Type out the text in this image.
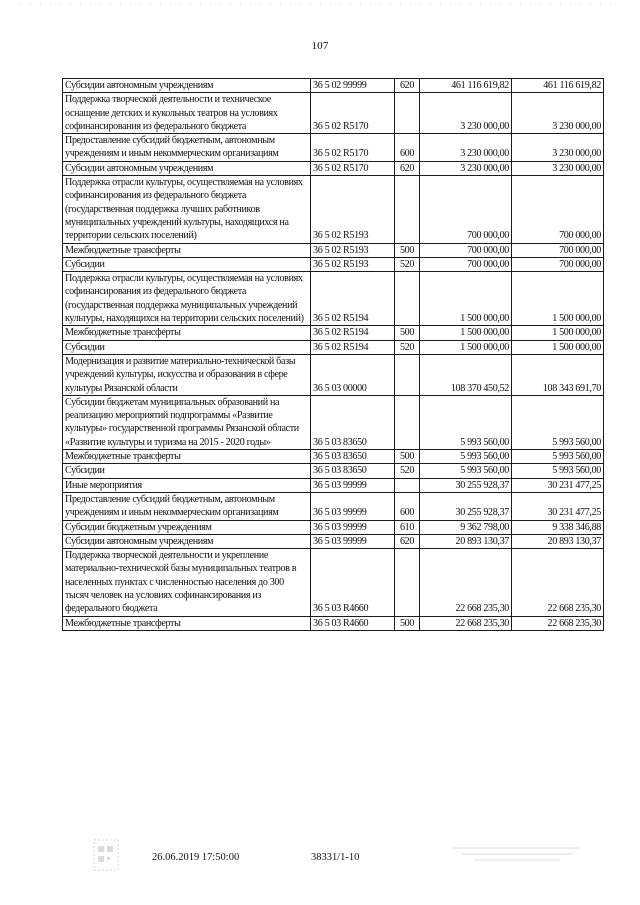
107
Субсидии автономным учреждениям	36 5 02 99999	620	461 116 619,82	461 116 619,82
Поддержка творческой деятельности и техническое оснащение детских и кукольных театров на условиях софинансирования из федерального бюджета	36 5 02 R5170		3 230 000,00	3 230 000,00
Предоставление субсидий бюджетным, автономным учреждениям и иным некоммерческим организациям	36 5 02 R5170	600	3 230 000,00	3 230 000,00
Субсидии автономным учреждениям	36 5 02 R5170	620	3 230 000,00	3 230 000,00
Поддержка отрасли культуры, осуществляемая на условиях софинансирования из федерального бюджета (государственная поддержка лучших работников муниципальных учреждений культуры, находящихся на территории сельских поселений)	36 5 02 R5193		700 000,00	700 000,00
Межбюджетные трансферты	36 5 02 R5193	500	700 000,00	700 000,00
Субсидии	36 5 02 R5193	520	700 000,00	700 000,00
Поддержка отрасли культуры, осуществляемая на условиях софинансирования из федерального бюджета (государственная поддержка муниципальных учреждений культуры, находящихся на территории сельских поселений)	36 5 02 R5194		1 500 000,00	1 500 000,00
Межбюджетные трансферты	36 5 02 R5194	500	1 500 000,00	1 500 000,00
Субсидии	36 5 02 R5194	520	1 500 000,00	1 500 000,00
Модернизация и развитие материально-технической базы учреждений культуры, искусства и образования в сфере культуры Рязанской области	36 5 03 00000		108 370 450,52	108 343 691,70
Субсидии бюджетам муниципальных образований на реализацию мероприятий подпрограммы «Развитие культуры» государственной программы Рязанской области «Развитие культуры и туризма на 2015 - 2020 годы»	36 5 03 83650		5 993 560,00	5 993 560,00
Межбюджетные трансферты	36 5 03 83650	500	5 993 560,00	5 993 560,00
Субсидии	36 5 03 83650	520	5 993 560,00	5 993 560,00
Иные мероприятия	36 5 03 99999		30 255 928,37	30 231 477,25
Предоставление субсидий бюджетным, автономным учреждениям и иным некоммерческим организациям	36 5 03 99999	600	30 255 928,37	30 231 477,25
Субсидии бюджетным учреждениям	36 5 03 99999	610	9 362 798,00	9 338 346,88
Субсидии автономным учреждениям	36 5 03 99999	620	20 893 130,37	20 893 130,37
Поддержка творческой деятельности и укрепление материально-технической базы муниципальных театров в населенных пунктах с численностью населения до 300 тысяч человек на условиях софинансирования из федерального бюджета	36 5 03 R4660		22 668 235,30	22 668 235,30
Межбюджетные трансферты	36 5 03 R4660	500	22 668 235,30	22 668 235,30
26.06.2019 17:50:00	38331/1-10
